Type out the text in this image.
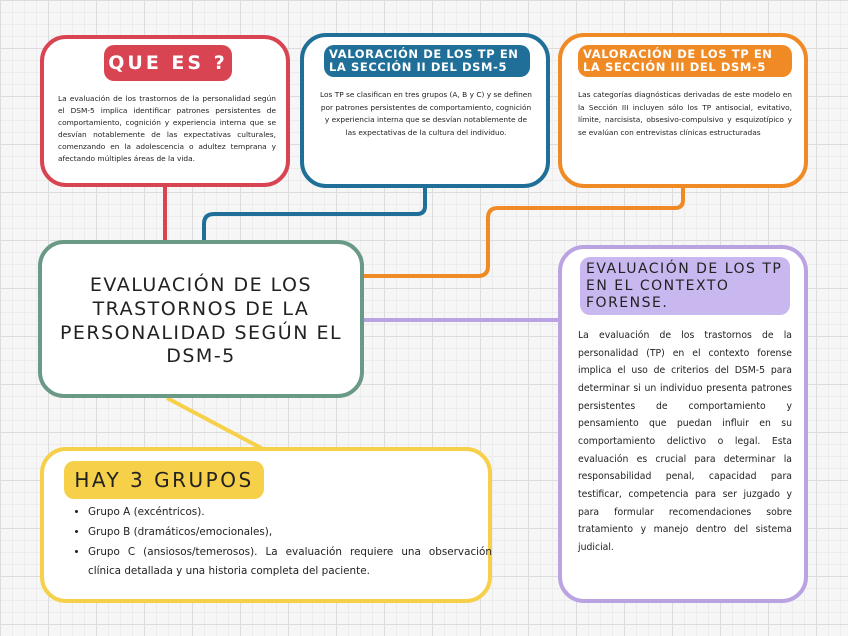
QUE ES ?

La evaluación de los trastornos de la personalidad según el DSM-5 implica identificar patrones persistentes de comportamiento, cognición y experiencia interna que se desvían notablemente de las expectativas culturales, comenzando en la adolescencia o adultez temprana y afectando múltiples áreas de la vida.

VALORACIÓN DE LOS TP EN LA SECCIÓN II DEL DSM-5

Los TP se clasifican en tres grupos (A, B y C) y se definen por patrones persistentes de comportamiento, cognición y experiencia interna que se desvían notablemente de las expectativas de la cultura del individuo.

VALORACIÓN DE LOS TP EN LA SECCIÓN III DEL DSM-5

Las categorías diagnósticas derivadas de este modelo en la Sección III incluyen sólo los TP antisocial, evitativo, límite, narcisista, obsesivo-compulsivo y esquizotípico y se evalúan con entrevistas clínicas estructuradas

EVALUACIÓN DE LOS TRASTORNOS DE LA PERSONALIDAD SEGÚN EL DSM-5
EVALUACIÓN DE LOS TP EN EL CONTEXTO FORENSE.

La evaluación de los trastornos de la personalidad (TP) en el contexto forense implica el uso de criterios del DSM-5 para determinar si un individuo presenta patrones persistentes de comportamiento y pensamiento que puedan influir en su comportamiento delictivo o legal. Esta evaluación es crucial para determinar la responsabilidad penal, capacidad para testificar, competencia para ser juzgado y para formular recomendaciones sobre tratamiento y manejo dentro del sistema judicial.

HAY 3 GRUPOS
• Grupo A (excéntricos).
• Grupo B (dramáticos/emocionales),
• Grupo C (ansiosos/temerosos). La evaluación requiere una observación clínica detallada y una historia completa del paciente.
